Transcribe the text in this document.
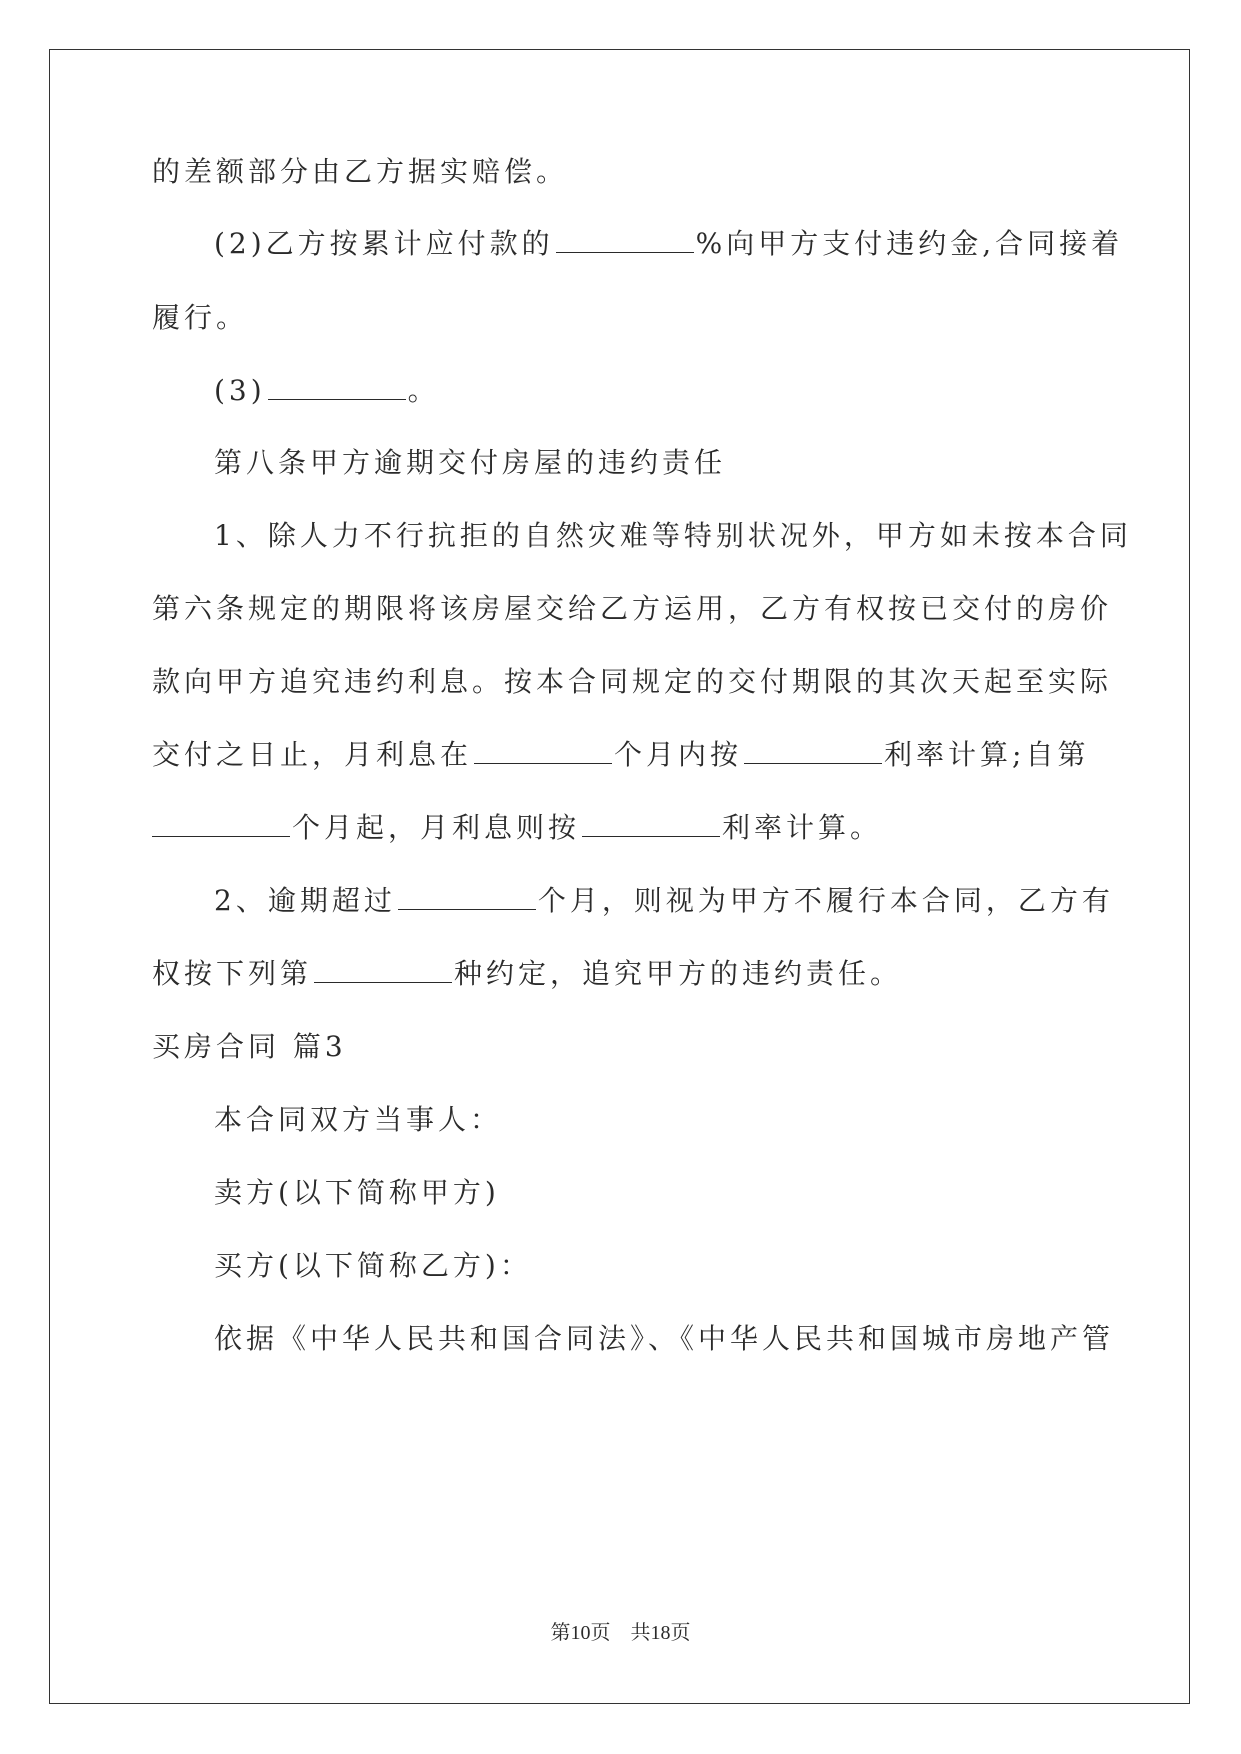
的差额部分由乙方据实赔偿。
(2)乙方按累计应付款的	%向甲方支付违约金,合同接着
履行。
(3)	。
第八条甲方逾期交付房屋的违约责任
1、除人力不行抗拒的自然灾难等特别状况外，甲方如未按本合同
第六条规定的期限将该房屋交给乙方运用，乙方有权按已交付的房价
款向甲方追究违约利息。按本合同规定的交付期限的其次天起至实际
交付之日止，月利息在	个月内按	利率计算;自第
个月起，月利息则按	利率计算。
2、逾期超过	个月，则视为甲方不履行本合同，乙方有
权按下列第	种约定，追究甲方的违约责任。
买房合同 篇3
本合同双方当事人：
卖方(以下简称甲方)
买方(以下简称乙方)：
依据《中华人民共和国合同法》、《中华人民共和国城市房地产管
第10页　共18页
